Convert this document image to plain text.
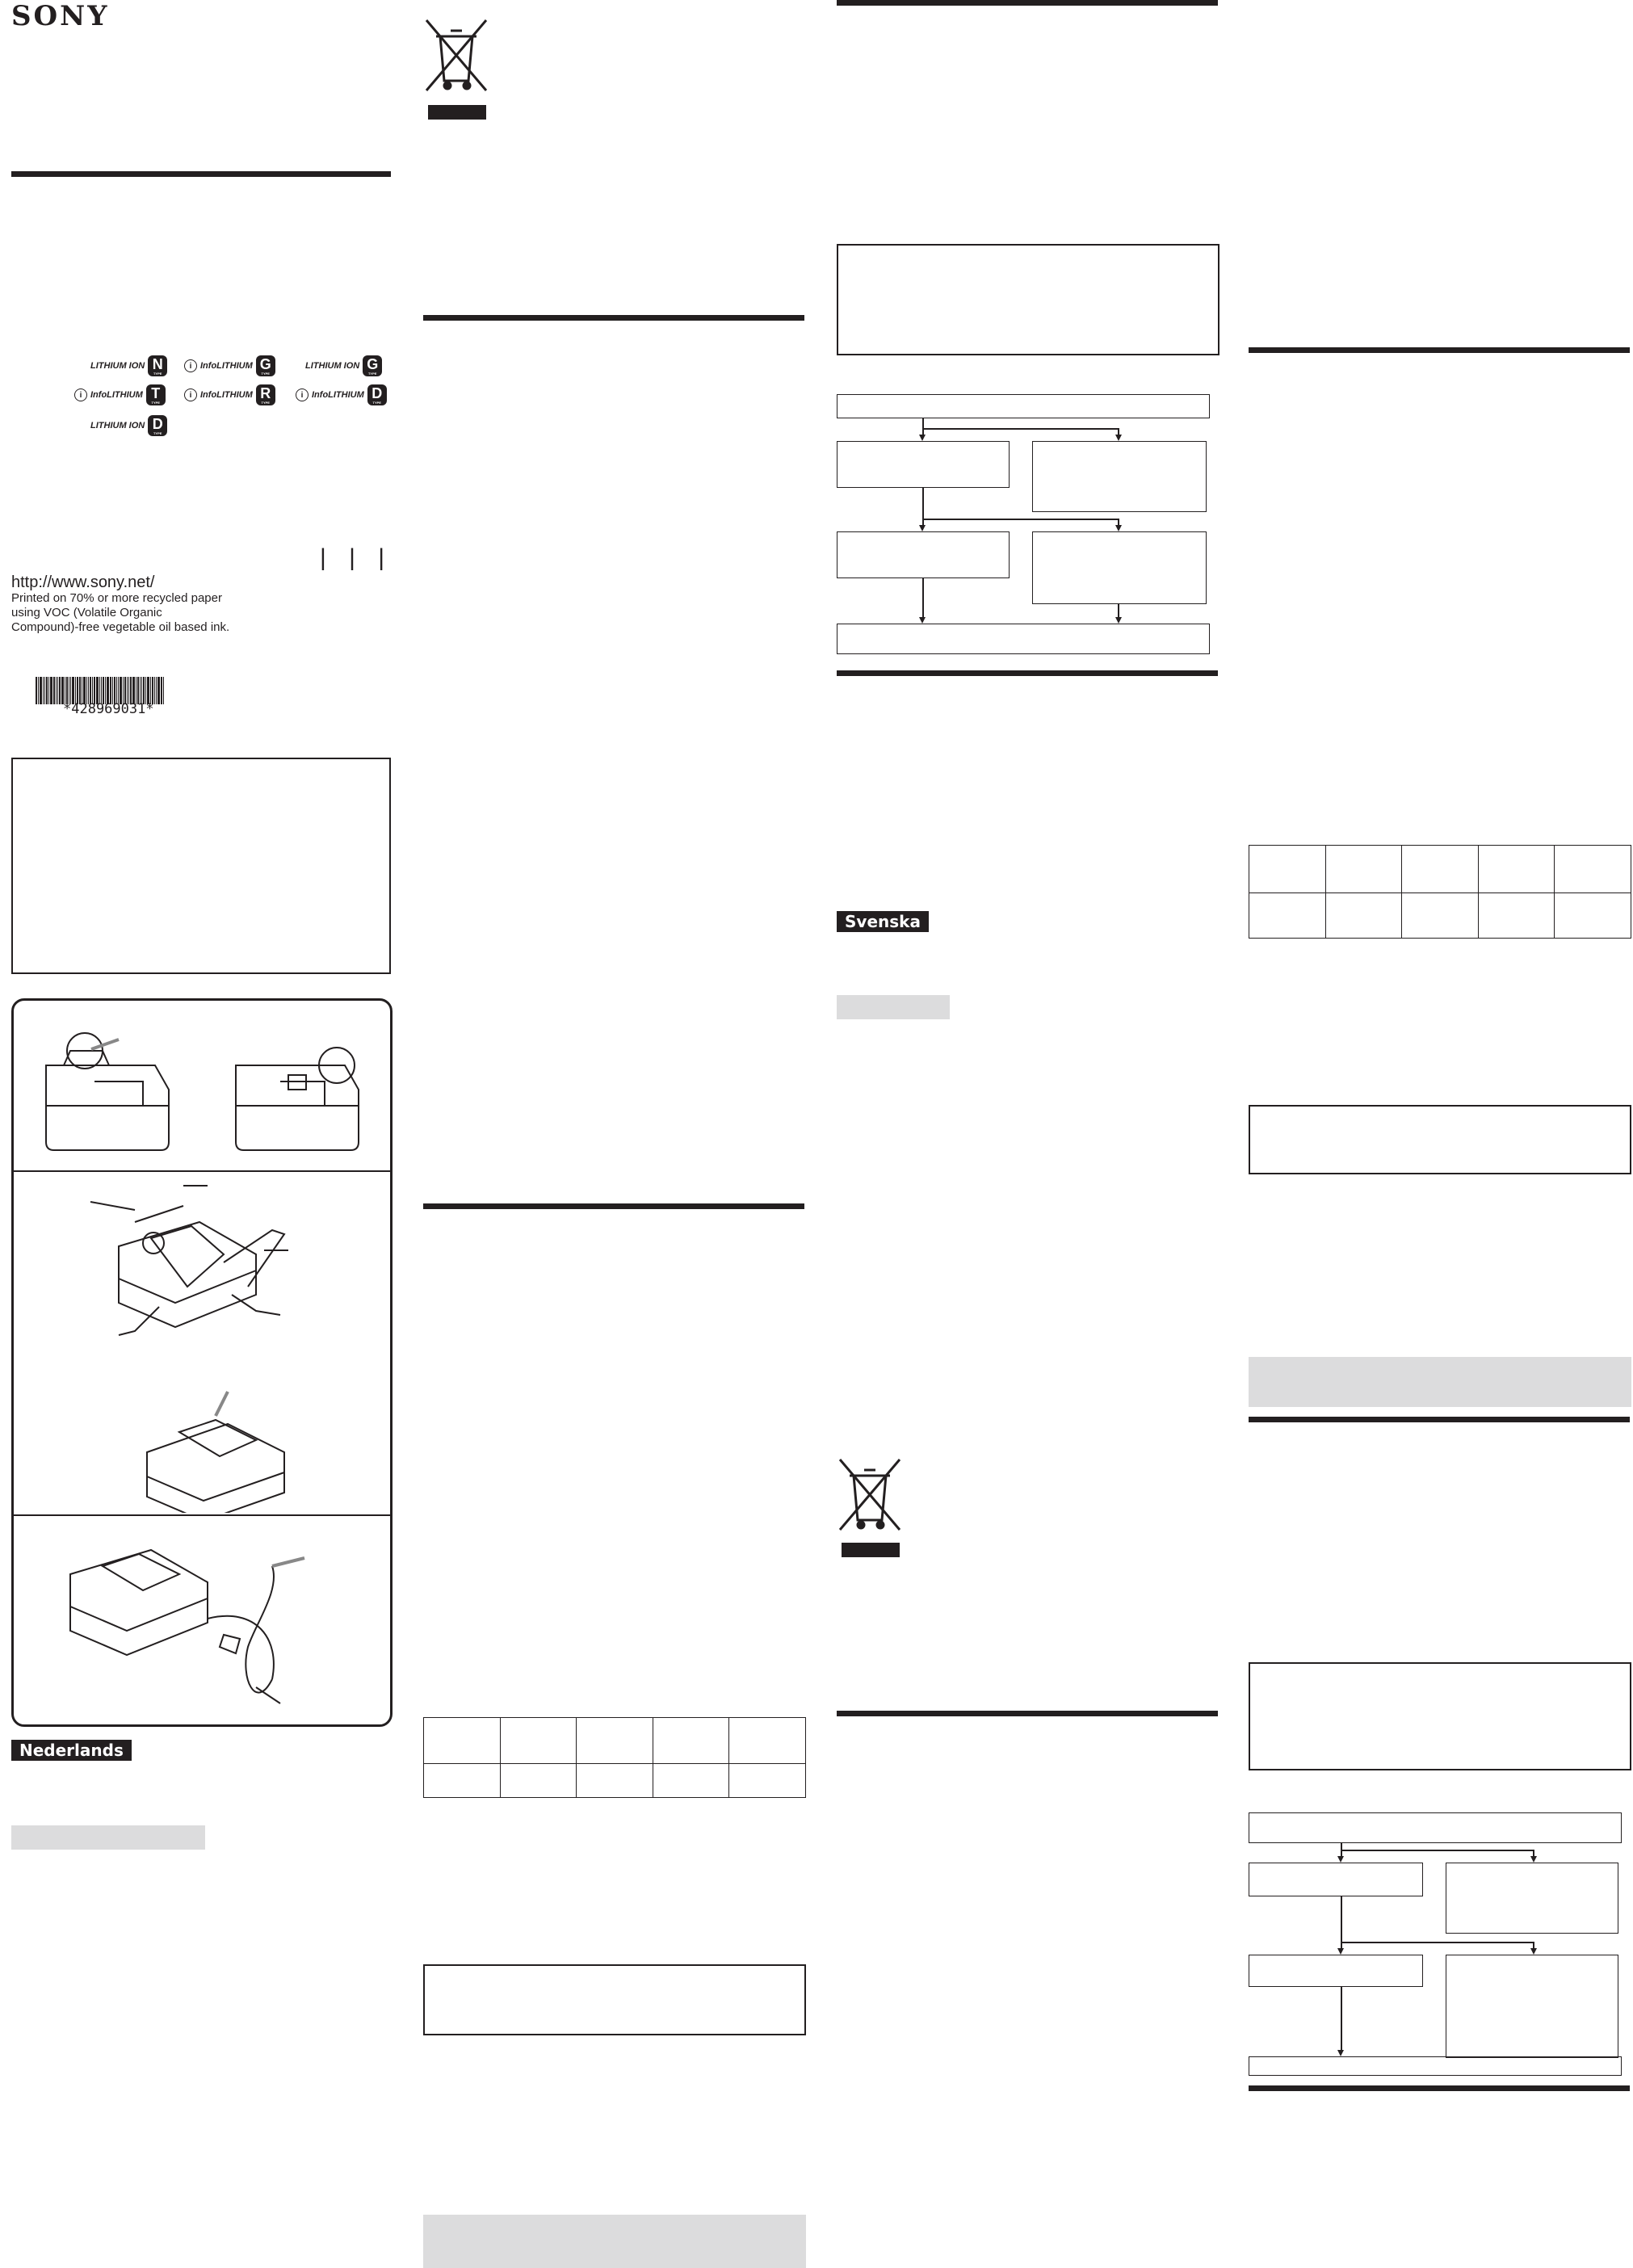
SONY
LITHIUM ION N
TYPE
i InfoLITHIUM G
TYPE
LITHIUM ION G
TYPE
i InfoLITHIUM T
TYPE
i InfoLITHIUM R
TYPE
i InfoLITHIUM D
TYPE
LITHIUM ION D
TYPE
| | |
http://www.sony.net/
Printed on 70% or more recycled paper
using VOC (Volatile Organic
Compound)-free vegetable oil based ink.
*428969031*
Nederlands

Svenska
